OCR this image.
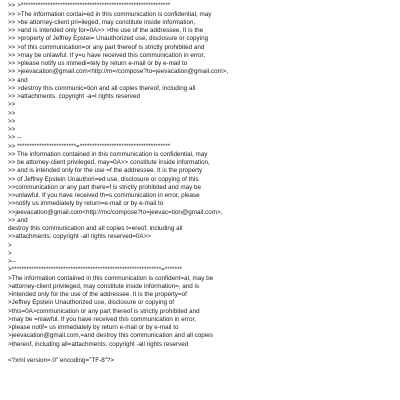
>> >*************************************************************
>> >The information contai=ed in this communication is confidential, may
>> >be attorney-client pri=ileged, may constitute inside information,
>> >and is intended only for=0A>> >the use of the addressee. It is the
>> >property of Jeffrey Epstei= Unauthorized use, disclosure or copying
>> >of this communication=or any part thereof is strictly prohibited and
>> >may be unlawful. If y=u have received this communication in error,
>> >please notify us immedi=tely by return e-mail or by e-mail to
>> >jeevacation@gmail.com<http://m=/compose?to=jeevacation@gmail.com>,
>> and
>> >destroy this communic=tion and all copies thereof, including all
>> >attachments. copyright -a=l rights reserved
>>
>>
>>
>>
>> --
>> ************************=*************************************
>> The information contained in this communication is confidential, may
>> be attorney-client privileged, may=0A>> constitute inside information,
>> and is intended only for the use =f the addressee. It is the property
>> of Jeffrey Epstein Unauthori=ed use, disclosure or copying of this
>>communication or any part there=f is strictly prohibited and may be
>>unlawful. If you have received th=s communication in error, please
>>notify us immediately by return=e-mail or by e-mail to
>>jeevacation@gmail.com<http://mc/compose?to=jeevac=tion@gmail.com>,
>> and
destroy this communication and all copies t=ereof, including all
>>attachments. copyright -all rights reserved=0A>>
>
>
>--
>*************************************************************=*******
>The information contained in this communication is confident=al, may be
>attorney-client privileged, may constitute inside information=, and is
>intended only for the use of the addressee. It is the property=of
>Jeffrey Epstein Unauthorized use, disclosure or copying of
>this=0A>communication or any part thereof is strictly prohibited and
>may be =nlawful. If you have received this communication in error,
>please notif= us immediately by return e-mail or by e-mail to
>jeevacation@gmail.com,=and destroy this communication and all copies
>thereof, including all=attachments. copyright -all rights reserved
<?xml version=.0" encoding="TF-8"?>
